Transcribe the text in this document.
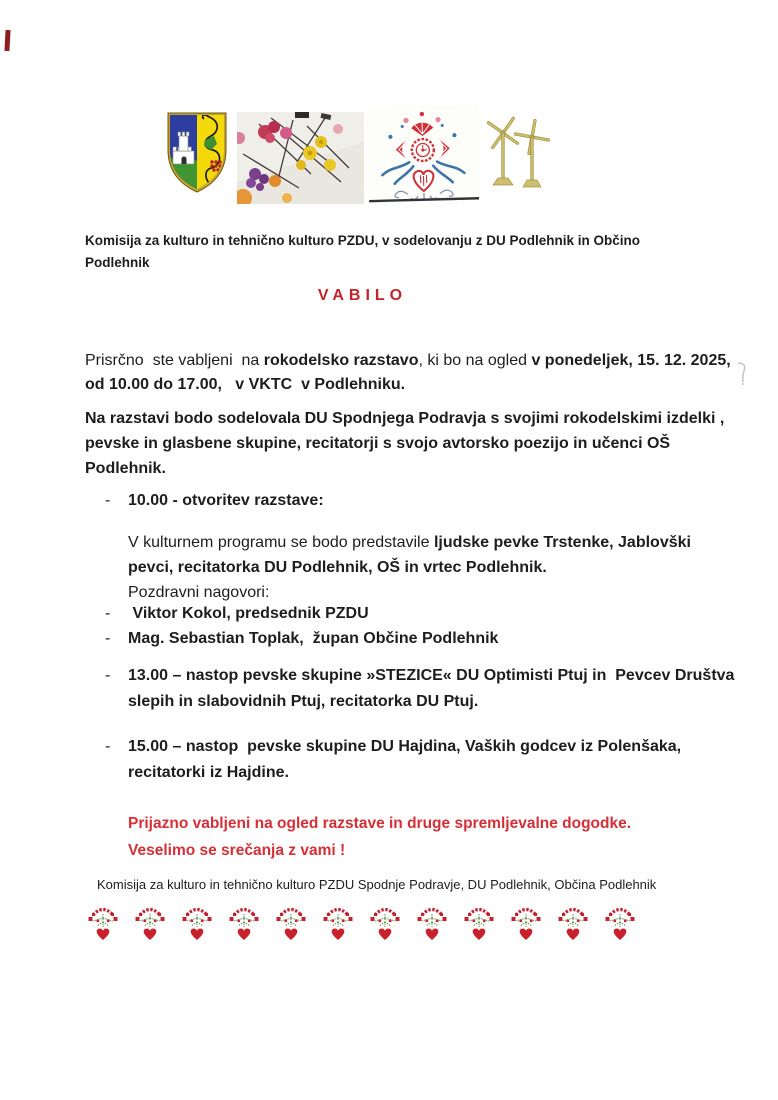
Komisija za kulturo in tehnično kulturo PZDU, v sodelovanju z DU Podlehnik in Občino
Podlehnik
VABILO
Prisrčno  ste vabljeni  na rokodelsko razstavo, ki bo na ogled v ponedeljek, 15. 12. 2025,  od 10.00 do 17.00,   v VKTC  v Podlehniku.
Na razstavi bodo sodelovala DU Spodnjega Podravja s svojimi rokodelskimi izdelki , pevske in glasbene skupine, recitatorji s svojo avtorsko poezijo in učenci OŠ Podlehnik.
- 10.00 - otvoritev razstave:
V kulturnem programu se bodo predstavile ljudske pevke Trstenke, Jablovški pevci, recitatorka DU Podlehnik, OŠ in vrtec Podlehnik.
Pozdravni nagovori:
- Viktor Kokol, predsednik PZDU
- Mag. Sebastian Toplak,  župan Občine Podlehnik
- 13.00 – nastop pevske skupine »STEZICE« DU Optimisti Ptuj in  Pevcev Društva slepih in slabovidnih Ptuj, recitatorka DU Ptuj.
- 15.00 – nastop  pevske skupine DU Hajdina, Vaških godcev iz Polenšaka, recitatorki iz Hajdine.
Prijazno vabljeni na ogled razstave in druge spremljevalne dogodke.
Veselimo se srečanja z vami !
Komisija za kulturo in tehnično kulturo PZDU Spodnje Podravje, DU Podlehnik, Občina Podlehnik
